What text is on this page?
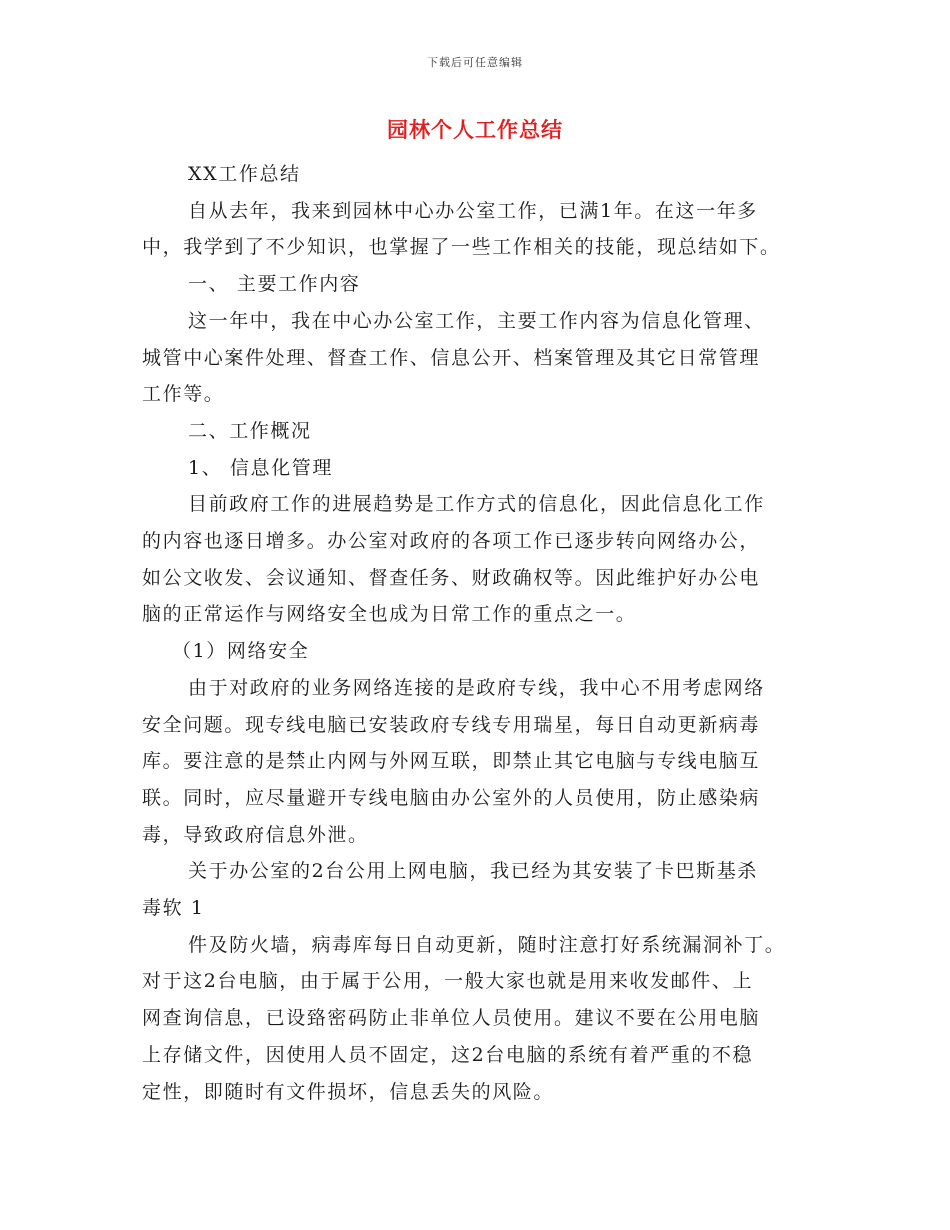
下载后可任意编辑
园林个人工作总结

XX工作总结

自从去年，我来到园林中心办公室工作，已满1年。在这一年多

中，我学到了不少知识，也掌握了一些工作相关的技能，现总结如下。

一、 主要工作内容

这一年中，我在中心办公室工作，主要工作内容为信息化管理、

城管中心案件处理、督查工作、信息公开、档案管理及其它日常管理

工作等。

二、工作概况

1、 信息化管理

目前政府工作的进展趋势是工作方式的信息化，因此信息化工作

的内容也逐日增多。办公室对政府的各项工作已逐步转向网络办公，

如公文收发、会议通知、督查任务、财政确权等。因此维护好办公电

脑的正常运作与网络安全也成为日常工作的重点之一。

（1）网络安全

由于对政府的业务网络连接的是政府专线，我中心不用考虑网络

安全问题。现专线电脑已安装政府专线专用瑞星，每日自动更新病毒

库。要注意的是禁止内网与外网互联，即禁止其它电脑与专线电脑互

联。同时，应尽量避开专线电脑由办公室外的人员使用，防止感染病

毒，导致政府信息外泄。

关于办公室的2台公用上网电脑，我已经为其安装了卡巴斯基杀

毒软 1

件及防火墙，病毒库每日自动更新，随时注意打好系统漏洞补丁。

对于这2台电脑，由于属于公用，一般大家也就是用来收发邮件、上

网查询信息，已设臵密码防止非单位人员使用。建议不要在公用电脑

上存储文件，因使用人员不固定，这2台电脑的系统有着严重的不稳

定性，即随时有文件损坏，信息丢失的风险。
